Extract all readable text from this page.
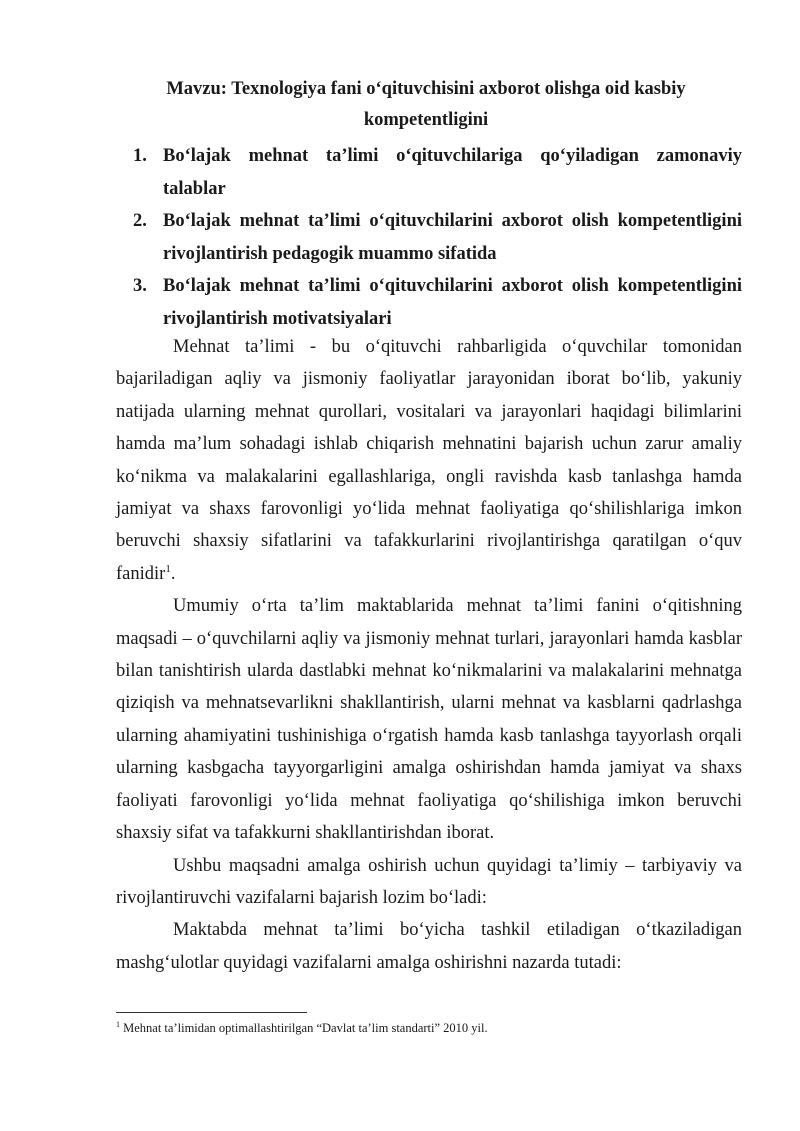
Mavzu: Texnologiya fani o‘qituvchisini axborot olishga oid kasbiy
kompetentligini
1. Bo‘lajak mehnat ta’limi o‘qituvchilariga qo‘yiladigan zamonaviy talablar
2. Bo‘lajak mehnat ta’limi o‘qituvchilarini axborot olish kompetentligini rivojlantirish pedagogik muammo sifatida
3. Bo‘lajak mehnat ta’limi o‘qituvchilarini axborot olish kompetentligini rivojlantirish motivatsiyalari

Mehnat ta’limi - bu o‘qituvchi rahbarligida o‘quvchilar tomonidan bajariladigan aqliy va jismoniy faoliyatlar jarayonidan iborat bo‘lib, yakuniy natijada ularning mehnat qurollari, vositalari va jarayonlari haqidagi bilimlarini hamda ma’lum sohadagi ishlab chiqarish mehnatini bajarish uchun zarur amaliy ko‘nikma va malakalarini egallashlariga, ongli ravishda kasb tanlashga hamda jamiyat va shaxs farovonligi yo‘lida mehnat faoliyatiga qo‘shilishlariga imkon beruvchi shaxsiy sifatlarini va tafakkurlarini rivojlantirishga qaratilgan o‘quv fanidir$^1$.

Umumiy o‘rta ta’lim maktablarida mehnat ta’limi fanini o‘qitishning maqsadi – o‘quvchilarni aqliy va jismoniy mehnat turlari, jarayonlari hamda kasblar bilan tanishtirish ularda dastlabki mehnat ko‘nikmalarini va malakalarini mehnatga qiziqish va mehnatsevarlikni shakllantirish, ularni mehnat va kasblarni qadrlashga ularning ahamiyatini tushinishiga o‘rgatish hamda kasb tanlashga tayyorlash orqali ularning kasbgacha tayyorgarligini amalga oshirishdan hamda jamiyat va shaxs faoliyati farovonligi yo‘lida mehnat faoliyatiga qo‘shilishiga imkon beruvchi shaxsiy sifat va tafakkurni shakllantirishdan iborat.

Ushbu maqsadni amalga oshirish uchun quyidagi ta’limiy – tarbiyaviy va rivojlantiruvchi vazifalarni bajarish lozim bo‘ladi:

Maktabda mehnat ta’limi bo‘yicha tashkil etiladigan o‘tkaziladigan mashg‘ulotlar quyidagi vazifalarni amalga oshirishni nazarda tutadi:

$^1$ Mehnat ta’limidan optimallashtirilgan “Davlat ta’lim standarti” 2010 yil.
